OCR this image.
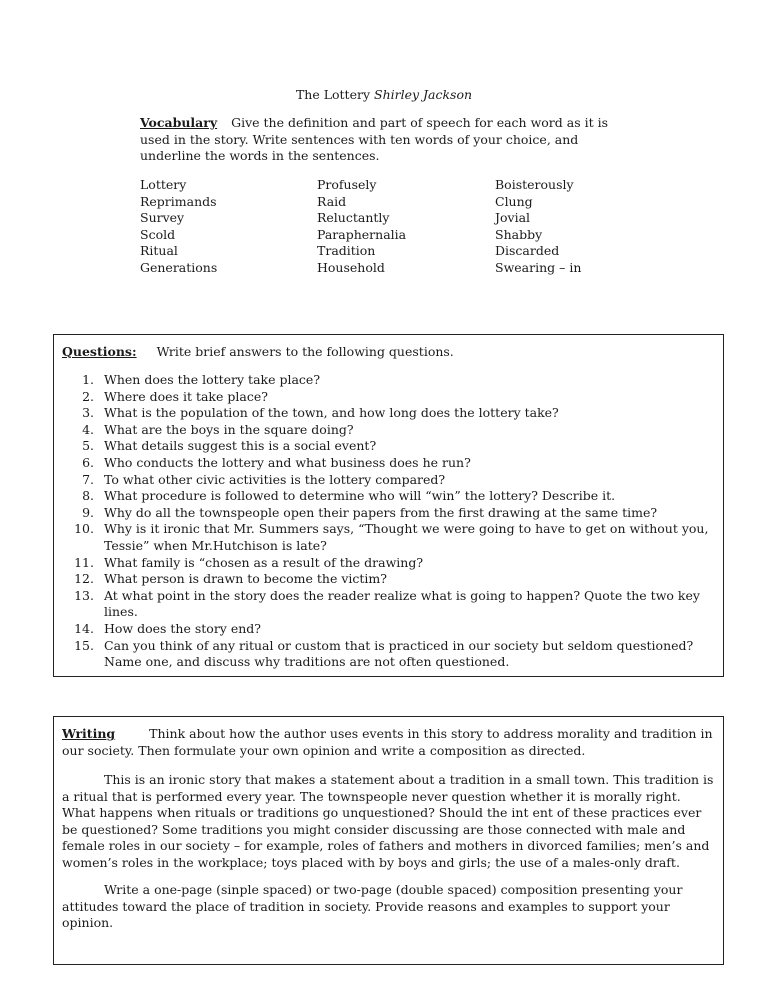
The Lottery Shirley Jackson
Vocabulary Give the definition and part of speech for each word as it is used in the story. Write sentences with ten words of your choice, and underline the words in the sentences.
Lottery
Reprimands
Survey
Scold
Ritual
Generations
Profusely
Raid
Reluctantly
Paraphernalia
Tradition
Household
Boisterously
Clung
Jovial
Shabby
Discarded
Swearing – in
Questions: Write brief answers to the following questions.
1. When does the lottery take place?
2. Where does it take place?
3. What is the population of the town, and how long does the lottery take?
4. What are the boys in the square doing?
5. What details suggest this is a social event?
6. Who conducts the lottery and what business does he run?
7. To what other civic activities is the lottery compared?
8. What procedure is followed to determine who will “win” the lottery? Describe it.
9. Why do all the townspeople open their papers from the first drawing at the same time?
10. Why is it ironic that Mr. Summers says, “Thought we were going to have to get on without you, Tessie” when Mr.Hutchison is late?
11. What family is “chosen as a result of the drawing?
12. What person is drawn to become the victim?
13. At what point in the story does the reader realize what is going to happen? Quote the two key lines.
14. How does the story end?
15. Can you think of any ritual or custom that is practiced in our society but seldom questioned? Name one, and discuss why traditions are not often questioned.

Writing	Think about how the author uses events in this story to address morality and tradition in our society. Then formulate your own opinion and write a composition as directed.

This is an ironic story that makes a statement about a tradition in a small town. This tradition is a ritual that is performed every year. The townspeople never question whether it is morally right. What happens when rituals or traditions go unquestioned? Should the int ent of these practices ever be questioned? Some traditions you might consider discussing are those connected with male and female roles in our society – for example, roles of fathers and mothers in divorced families; men’s and women’s roles in the workplace; toys placed with by boys and girls; the use of a males-only draft.

Write a one-page (sinple spaced) or two-page (double spaced) composition presenting your attitudes toward the place of tradition in society. Provide reasons and examples to support your opinion.
